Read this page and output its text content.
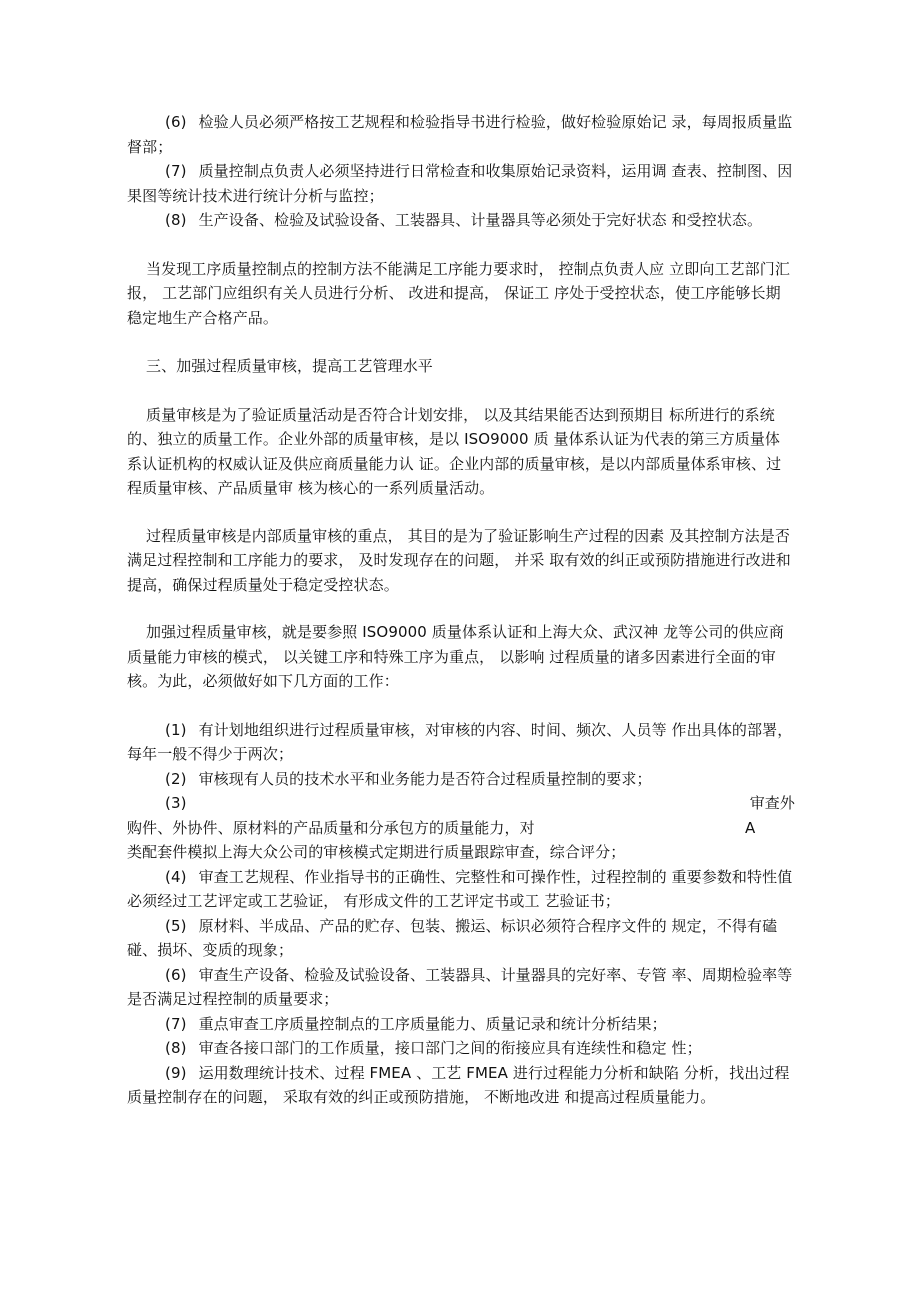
(6) 检验人员必须严格按工艺规程和检验指导书进行检验，做好检验原始记 录，每周报质量监督部；

(7) 质量控制点负责人必须坚持进行日常检查和收集原始记录资料，运用调 查表、控制图、因果图等统计技术进行统计分析与监控；

(8) 生产设备、检验及试验设备、工装器具、计量器具等必须处于完好状态 和受控状态。

当发现工序质量控制点的控制方法不能满足工序能力要求时， 控制点负责人应 立即向工艺部门汇报， 工艺部门应组织有关人员进行分析、 改进和提高， 保证工 序处于受控状态，使工序能够长期稳定地生产合格产品。

三、加强过程质量审核，提高工艺管理水平

质量审核是为了验证质量活动是否符合计划安排， 以及其结果能否达到预期目 标所进行的系统的、独立的质量工作。企业外部的质量审核，是以 ISO9000 质 量体系认证为代表的第三方质量体系认证机构的权威认证及供应商质量能力认 证。企业内部的质量审核，是以内部质量体系审核、过程质量审核、产品质量审 核为核心的一系列质量活动。

过程质量审核是内部质量审核的重点， 其目的是为了验证影响生产过程的因素 及其控制方法是否满足过程控制和工序能力的要求， 及时发现存在的问题， 并采 取有效的纠正或预防措施进行改进和提高，确保过程质量处于稳定受控状态。

加强过程质量审核，就是要参照 ISO9000 质量体系认证和上海大众、武汉神 龙等公司的供应商质量能力审核的模式， 以关键工序和特殊工序为重点， 以影响 过程质量的诸多因素进行全面的审核。为此，必须做好如下几方面的工作：

(1) 有计划地组织进行过程质量审核，对审核的内容、时间、频次、人员等 作出具体的部署，每年一般不得少于两次；

(2) 审核现有人员的技术水平和业务能力是否符合过程质量控制的要求；

(3)	审查外
购件、外协件、原材料的产品质量和分承包方的质量能力，对	A

类配套件模拟上海大众公司的审核模式定期进行质量跟踪审查，综合评分；

(4) 审查工艺规程、作业指导书的正确性、完整性和可操作性，过程控制的 重要参数和特性值必须经过工艺评定或工艺验证， 有形成文件的工艺评定书或工 艺验证书；

(5) 原材料、半成品、产品的贮存、包装、搬运、标识必须符合程序文件的 规定，不得有磕碰、损坏、变质的现象；

(6) 审查生产设备、检验及试验设备、工装器具、计量器具的完好率、专管 率、周期检验率等是否满足过程控制的质量要求；

(7) 重点审查工序质量控制点的工序质量能力、质量记录和统计分析结果；

(8) 审查各接口部门的工作质量，接口部门之间的衔接应具有连续性和稳定 性；

(9) 运用数理统计技术、过程 FMEA 、工艺 FMEA 进行过程能力分析和缺陷 分析，找出过程质量控制存在的问题， 采取有效的纠正或预防措施， 不断地改进 和提高过程质量能力。
